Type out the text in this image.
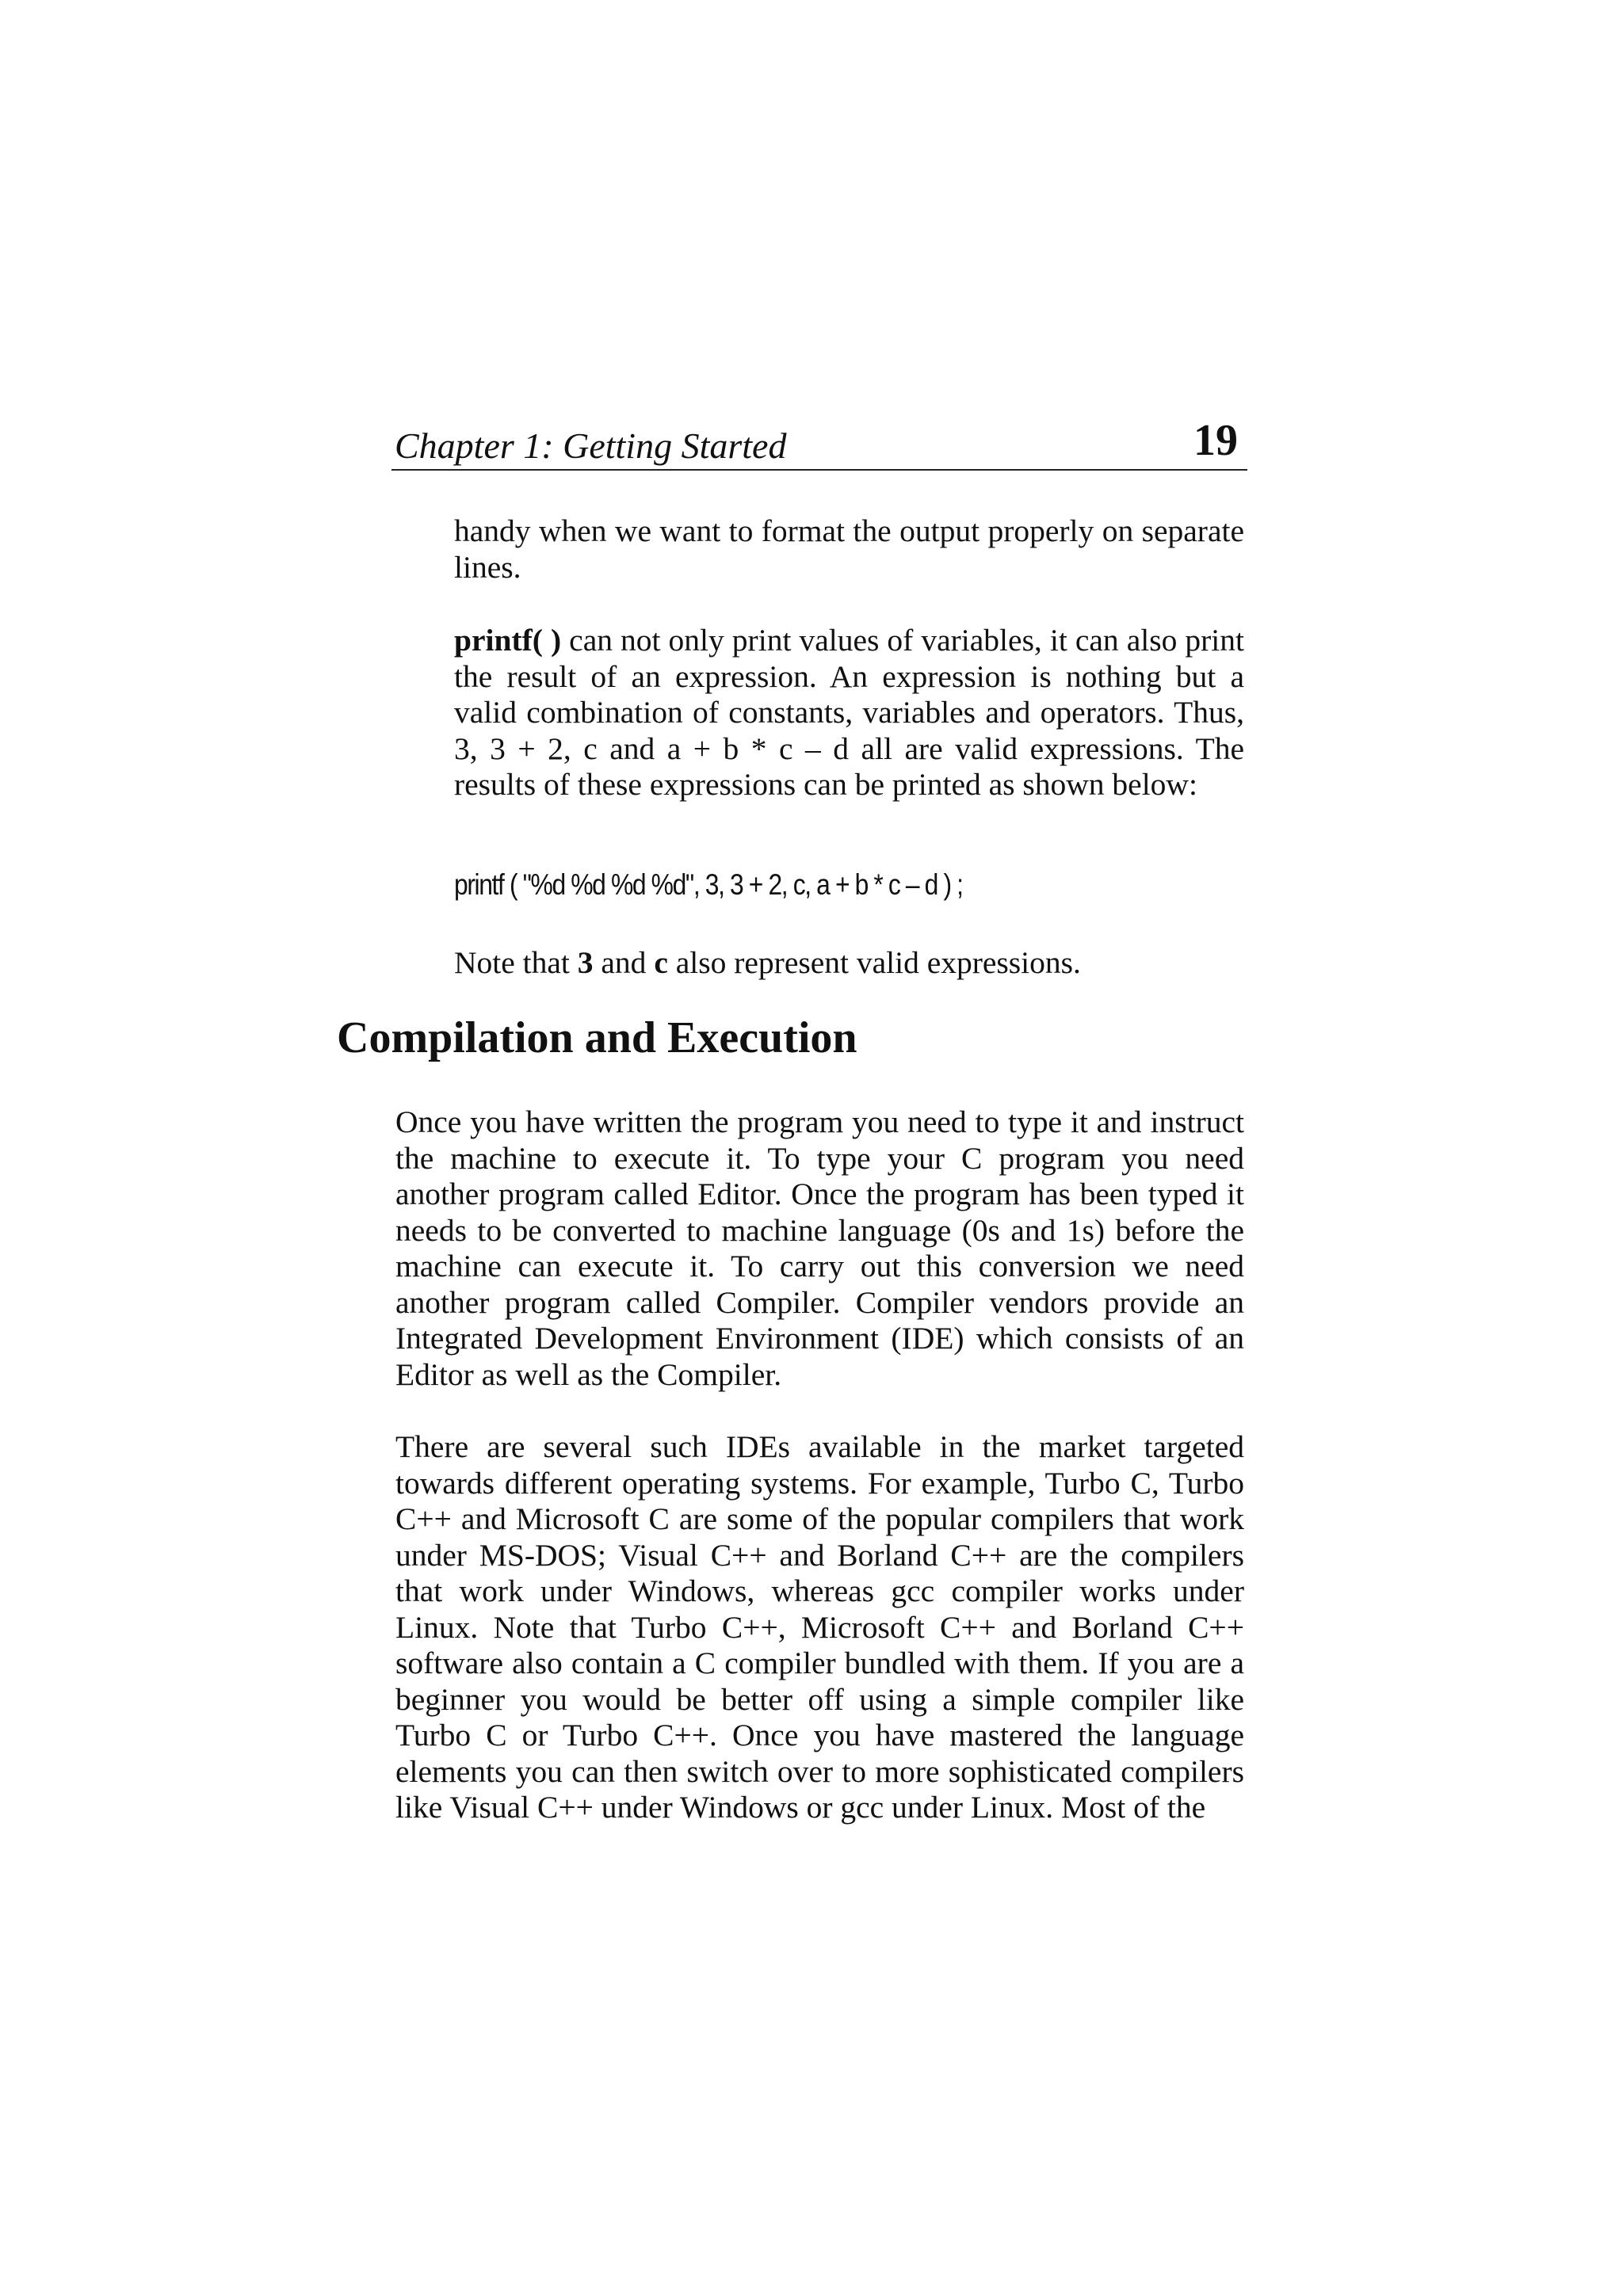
Chapter 1: Getting Started	19

handy when we want to format the output properly on separate lines.

printf( ) can not only print values of variables, it can also print the result of an expression. An expression is nothing but a valid combination of constants, variables and operators. Thus, 3, 3 + 2, c and a + b * c – d all are valid expressions. The results of these expressions can be printed as shown below:

printf ( "%d %d %d %d", 3, 3 + 2, c, a + b * c – d ) ;

Note that 3 and c also represent valid expressions.

Compilation and Execution

Once you have written the program you need to type it and instruct the machine to execute it. To type your C program you need another program called Editor. Once the program has been typed it needs to be converted to machine language (0s and 1s) before the machine can execute it. To carry out this conversion we need another program called Compiler. Compiler vendors provide an Integrated Development Environment (IDE) which consists of an Editor as well as the Compiler.

There are several such IDEs available in the market targeted towards different operating systems. For example, Turbo C, Turbo C++ and Microsoft C are some of the popular compilers that work under MS-DOS; Visual C++ and Borland C++ are the compilers that work under Windows, whereas gcc compiler works under Linux. Note that Turbo C++, Microsoft C++ and Borland C++ software also contain a C compiler bundled with them. If you are a beginner you would be better off using a simple compiler like Turbo C or Turbo C++. Once you have mastered the language elements you can then switch over to more sophisticated compilers like Visual C++ under Windows or gcc under Linux. Most of the
